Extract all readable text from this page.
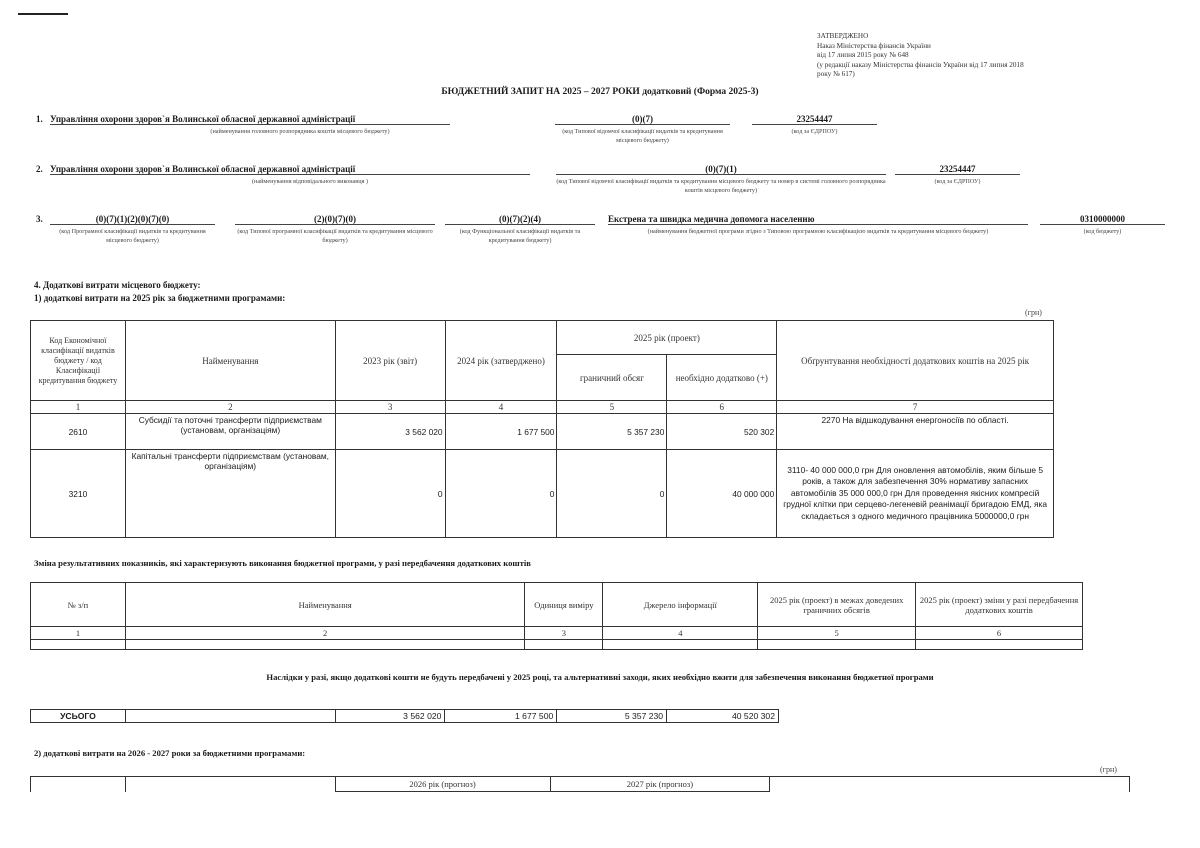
ЗАТВЕРДЖЕНО
Наказ Міністерства фінансів України
від 17 липня 2015 року № 648
(у редакції наказу Міністерства фінансів України від 17 липня 2018
року № 617)
БЮДЖЕТНИЙ ЗАПИТ НА 2025 – 2027 РОКИ додатковий (Форма 2025-3)
1. Управління охорони здоров`я Волинської обласної державної адміністрації
(найменування головного розпорядника коштів місцевого бюджету)
(0)(7)
(код Типової відомчої класифікації видатків та кредитування місцевого бюджету)
23254447
(код за ЄДРПОУ)
2. Управління охорони здоров`я Волинської обласної державної адміністрації
(найменування відповідального виконавця )
(0)(7)(1)
(код Типової відомчої класифікації видатків та кредитування місцевого бюджету та номер в системі головного розпорядника коштів місцевого бюджету)
23254447
(код за ЄДРПОУ)
3.	(0)(7)(1)(2)(0)(7)(0)
(код Програмної класифікації видатків та кредитування місцевого бюджету)
(2)(0)(7)(0)
(код Типової програмної класифікації видатків та кредитування місцевого бюджету)
(0)(7)(2)(4)
(код Функціональної класифікації видатків та кредитування бюджету)
Екстрена та швидка медична допомога населенню
(найменування бюджетної програми згідно з Типовою програмною класифікацією видатків та кредитування місцевого бюджету)
0310000000
(код бюджету)
4. Додаткові витрати місцевого бюджету:
1) додаткові витрати на 2025 рік за бюджетними програмами:
(грн)
Код Економічної класифікації видатків бюджету / код Класифікації кредитування бюджету	Найменування	2023 рік (звіт)	2024 рік (затверджено)	2025 рік (проект)		Обґрунтування необхідності додаткових коштів на 2025 рік
				граничний обсяг	необхідно додатково (+)	
1	2	3	4	5	6	7
2610	Субсидії та поточні трансферти підприємствам (установам, організаціям)	3 562 020	1 677 500	5 357 230	520 302	2270 На відшкодування енергоносіїв по області.
3210	Капітальні трансферти підприємствам (установам, організаціям)	0	0	0	40 000 000	3110- 40 000 000,0 грн Для оновлення автомобілів, яким більше 5 років, а також для забезпечення 30% нормативу запасних автомобілів 35 000 000,0 грн Для проведення якісних компресій грудної клітки при серцево-легеневій реанімації бригадою ЕМД, яка складається з одного медичного працівника 5000000,0 грн
Зміна результативних показників, які характеризують виконання бюджетної програми, у разі передбачення додаткових коштів
№ з/п	Найменування	Одиниця виміру	Джерело інформації	2025 рік (проект) в межах доведених граничних обсягів	2025 рік (проект) зміни у разі передбачення додаткових коштів
1	2	3	4	5	6

Наслідки у разі, якщо додаткові кошти не будуть передбачені у 2025 році, та альтернативні заходи, яких необхідно вжити для забезпечення виконання бюджетної програми
УСЬОГО		3 562 020	1 677 500	5 357 230	40 520 302
2) додаткові витрати на 2026 - 2027 роки за бюджетними програмами:
(грн)
		2026 рік (прогноз)	2027 рік (прогноз)	
